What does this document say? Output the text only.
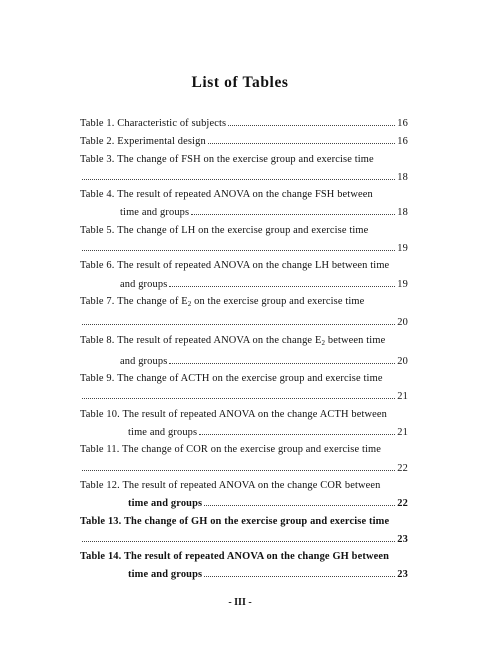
List of Tables
Table 1. Characteristic of subjects	16
Table 2. Experimental design	16
Table 3. The change of FSH on the exercise group and exercise time
18
Table 4. The result of repeated ANOVA on the change FSH between
time and groups	18
Table 5. The change of LH on the exercise group and exercise time
19
Table 6. The result of repeated ANOVA on the change LH between time
and groups	19
Table 7. The change of $E_2$ on the exercise group and exercise time
20
Table 8. The result of repeated ANOVA on the change $E_2$ between time
and groups	20
Table 9. The change of ACTH on the exercise group and exercise time
21
Table 10. The result of repeated ANOVA on the change ACTH between
time and groups	21
Table 11. The change of COR on the exercise group and exercise time
22
Table 12. The result of repeated ANOVA on the change COR between
time and groups	22
Table 13. The change of GH on the exercise group and exercise time
23
Table 14. The result of repeated ANOVA on the change GH between
time and groups	23
- III -
